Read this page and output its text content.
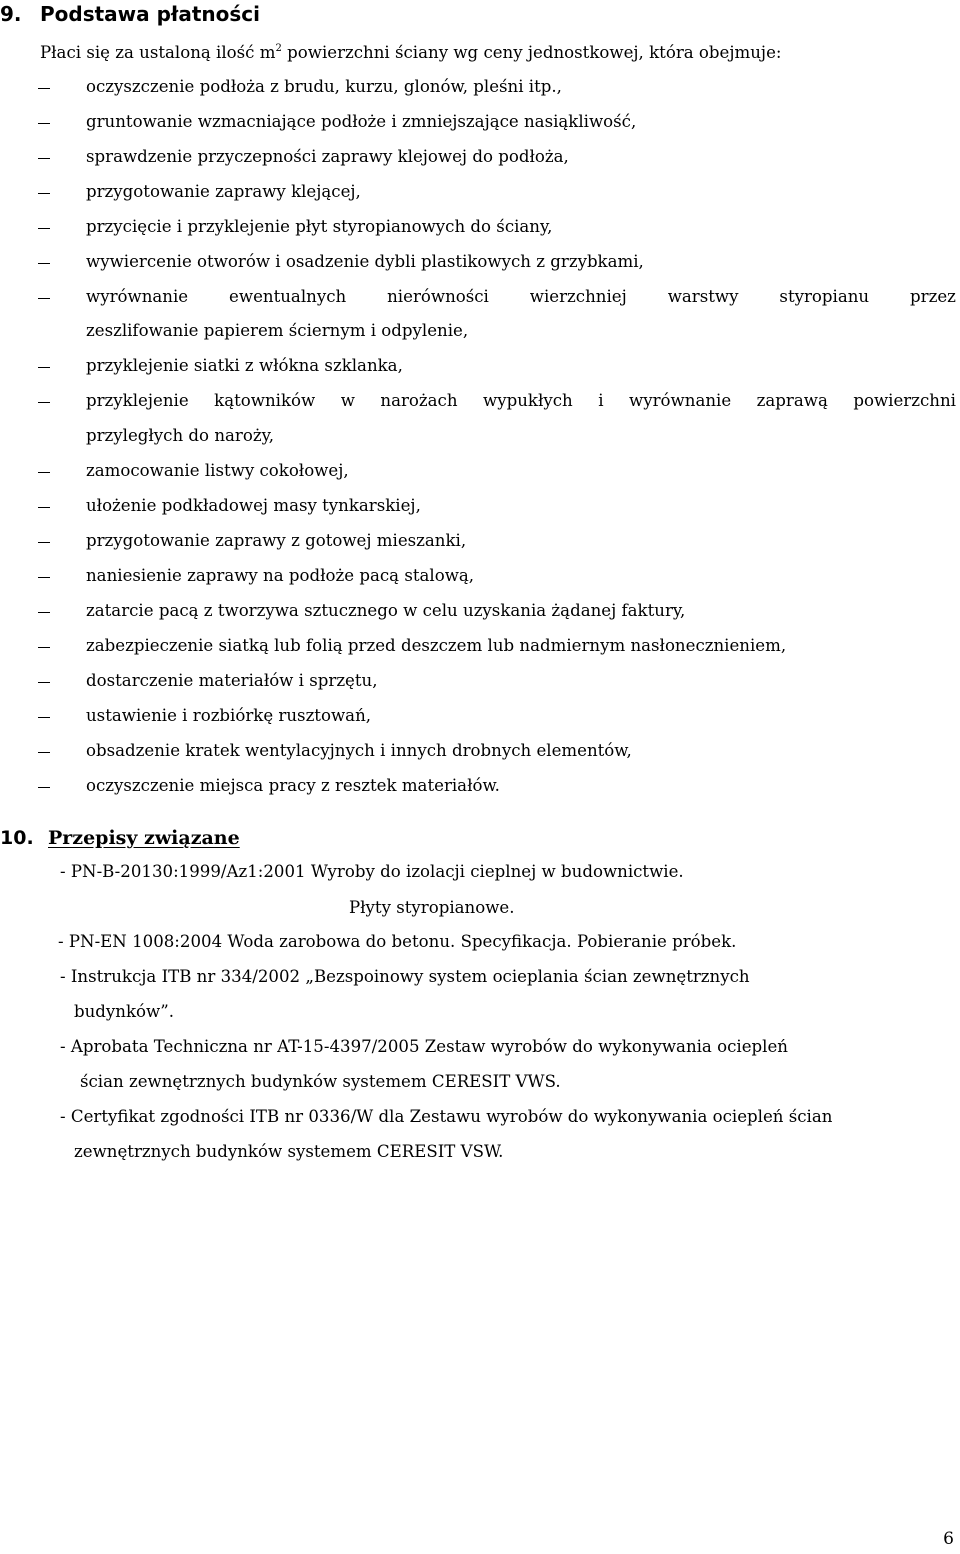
9. Podstawa płatności
Płaci się za ustaloną ilość $m^2$ powierzchni ściany wg ceny jednostkowej, która obejmuje:
oczyszczenie podłoża z brudu, kurzu, glonów, pleśni itp.,
gruntowanie wzmacniające podłoże i zmniejszające nasiąkliwość,
sprawdzenie przyczepności zaprawy klejowej do podłoża,
przygotowanie zaprawy klejącej,
przycięcie i przyklejenie płyt styropianowych do ściany,
wywiercenie otworów i osadzenie dybli plastikowych z grzybkami,
wyrównanie ewentualnych nierówności wierzchniej warstwy styropianu przez
zeszlifowanie papierem ściernym i odpylenie,
przyklejenie siatki z włókna szklanka,
przyklejenie kątowników w narożach wypukłych i wyrównanie zaprawą powierzchni
przyległych do naroży,
zamocowanie listwy cokołowej,
ułożenie podkładowej masy tynkarskiej,
przygotowanie zaprawy z gotowej mieszanki,
naniesienie zaprawy na podłoże pacą stalową,
zatarcie pacą z tworzywa sztucznego w celu uzyskania żądanej faktury,
zabezpieczenie siatką lub folią przed deszczem lub nadmiernym nasłonecznieniem,
dostarczenie materiałów i sprzętu,
ustawienie i rozbiórkę rusztowań,
obsadzenie kratek wentylacyjnych i innych drobnych elementów,
oczyszczenie miejsca pracy z resztek materiałów.
10. Przepisy związane
- PN-B-20130:1999/Az1:2001 Wyroby do izolacji cieplnej w budownictwie.
Płyty styropianowe.
- PN-EN 1008:2004 Woda zarobowa do betonu. Specyfikacja. Pobieranie próbek.
- Instrukcja ITB nr 334/2002 „Bezspoinowy system ocieplania ścian zewnętrznych
budynków”.
- Aprobata Techniczna nr AT-15-4397/2005 Zestaw wyrobów do wykonywania ociepleń
ścian zewnętrznych budynków systemem CERESIT VWS.
- Certyfikat zgodności ITB nr 0336/W dla Zestawu wyrobów do wykonywania ociepleń ścian
zewnętrznych budynków systemem CERESIT VSW.
6
